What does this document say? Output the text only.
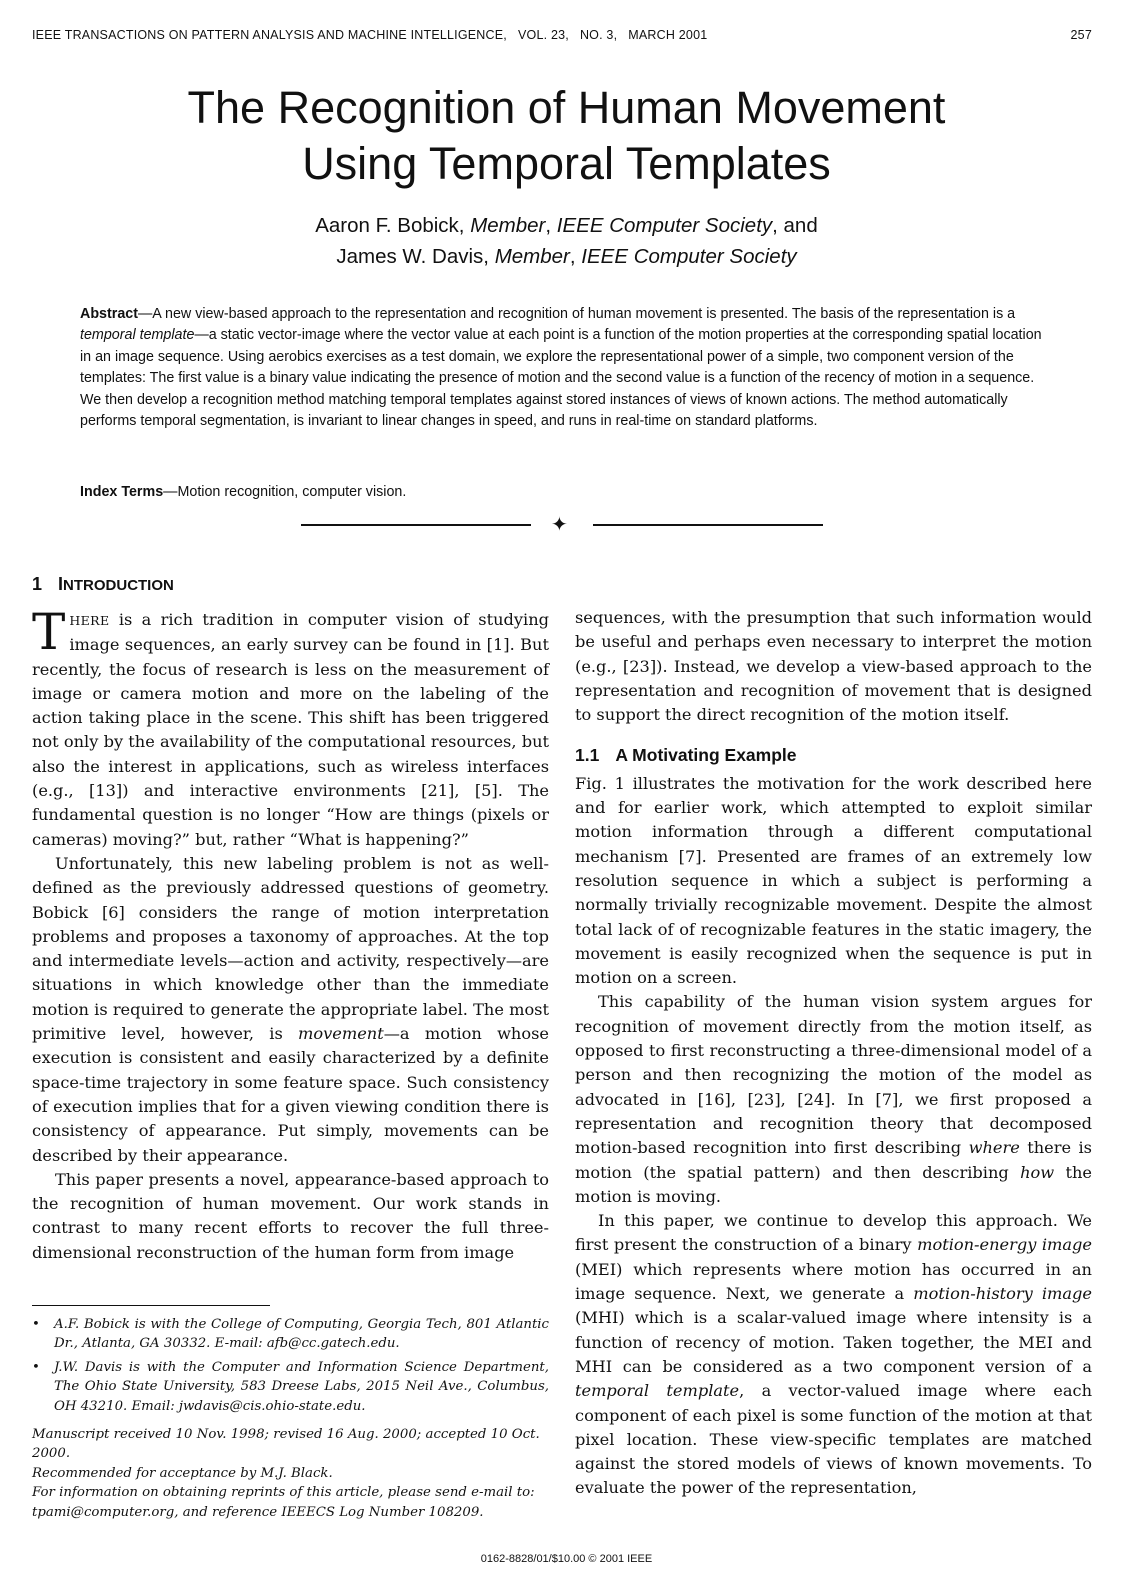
IEEE TRANSACTIONS ON PATTERN ANALYSIS AND MACHINE INTELLIGENCE,   VOL. 23,   NO. 3,   MARCH 2001	257
The Recognition of Human Movement
Using Temporal Templates
Aaron F. Bobick, Member, IEEE Computer Society, and
James W. Davis, Member, IEEE Computer Society
Abstract—A new view-based approach to the representation and recognition of human movement is presented. The basis of the representation is a temporal template—a static vector-image where the vector value at each point is a function of the motion properties at the corresponding spatial location in an image sequence. Using aerobics exercises as a test domain, we explore the representational power of a simple, two component version of the templates: The first value is a binary value indicating the presence of motion and the second value is a function of the recency of motion in a sequence. We then develop a recognition method matching temporal templates against stored instances of views of known actions. The method automatically performs temporal segmentation, is invariant to linear changes in speed, and runs in real-time on standard platforms.
Index Terms—Motion recognition, computer vision.
✦
1 INTRODUCTION

THERE is a rich tradition in computer vision of studying image sequences, an early survey can be found in [1]. But recently, the focus of research is less on the measurement of image or camera motion and more on the labeling of the action taking place in the scene. This shift has been triggered not only by the availability of the computational resources, but also the interest in applications, such as wireless interfaces (e.g., [13]) and interactive environments [21], [5]. The fundamental question is no longer “How are things (pixels or cameras) moving?” but, rather “What is happening?”

Unfortunately, this new labeling problem is not as well-defined as the previously addressed questions of geometry. Bobick [6] considers the range of motion interpretation problems and proposes a taxonomy of approaches. At the top and intermediate levels—action and activity, respectively—are situations in which knowledge other than the immediate motion is required to generate the appropriate label. The most primitive level, however, is movement—a motion whose execution is consistent and easily characterized by a definite space-time trajectory in some feature space. Such consistency of execution implies that for a given viewing condition there is consistency of appearance. Put simply, movements can be described by their appearance.

This paper presents a novel, appearance-based approach to the recognition of human movement. Our work stands in contrast to many recent efforts to recover the full three-dimensional reconstruction of the human form from image

sequences, with the presumption that such information would be useful and perhaps even necessary to interpret the motion (e.g., [23]). Instead, we develop a view-based approach to the representation and recognition of movement that is designed to support the direct recognition of the motion itself.

1.1 A Motivating Example

Fig. 1 illustrates the motivation for the work described here and for earlier work, which attempted to exploit similar motion information through a different computational mechanism [7]. Presented are frames of an extremely low resolution sequence in which a subject is performing a normally trivially recognizable movement. Despite the almost total lack of of recognizable features in the static imagery, the movement is easily recognized when the sequence is put in motion on a screen.

This capability of the human vision system argues for recognition of movement directly from the motion itself, as opposed to first reconstructing a three-dimensional model of a person and then recognizing the motion of the model as advocated in [16], [23], [24]. In [7], we first proposed a representation and recognition theory that decomposed motion-based recognition into first describing where there is motion (the spatial pattern) and then describing how the motion is moving.

In this paper, we continue to develop this approach. We first present the construction of a binary motion-energy image (MEI) which represents where motion has occurred in an image sequence. Next, we generate a motion-history image (MHI) which is a scalar-valued image where intensity is a function of recency of motion. Taken together, the MEI and MHI can be considered as a two component version of a temporal template, a vector-valued image where each component of each pixel is some function of the motion at that pixel location. These view-specific templates are matched against the stored models of views of known movements. To evaluate the power of the representation,

• A.F. Bobick is with the College of Computing, Georgia Tech, 801 Atlantic Dr., Atlanta, GA 30332. E-mail: afb@cc.gatech.edu.
• J.W. Davis is with the Computer and Information Science Department, The Ohio State University, 583 Dreese Labs, 2015 Neil Ave., Columbus, OH 43210. Email: jwdavis@cis.ohio-state.edu.

Manuscript received 10 Nov. 1998; revised 16 Aug. 2000; accepted 10 Oct. 2000.

Recommended for acceptance by M.J. Black.

For information on obtaining reprints of this article, please send e-mail to: tpami@computer.org, and reference IEEECS Log Number 108209.

0162-8828/01/$10.00 © 2001 IEEE
